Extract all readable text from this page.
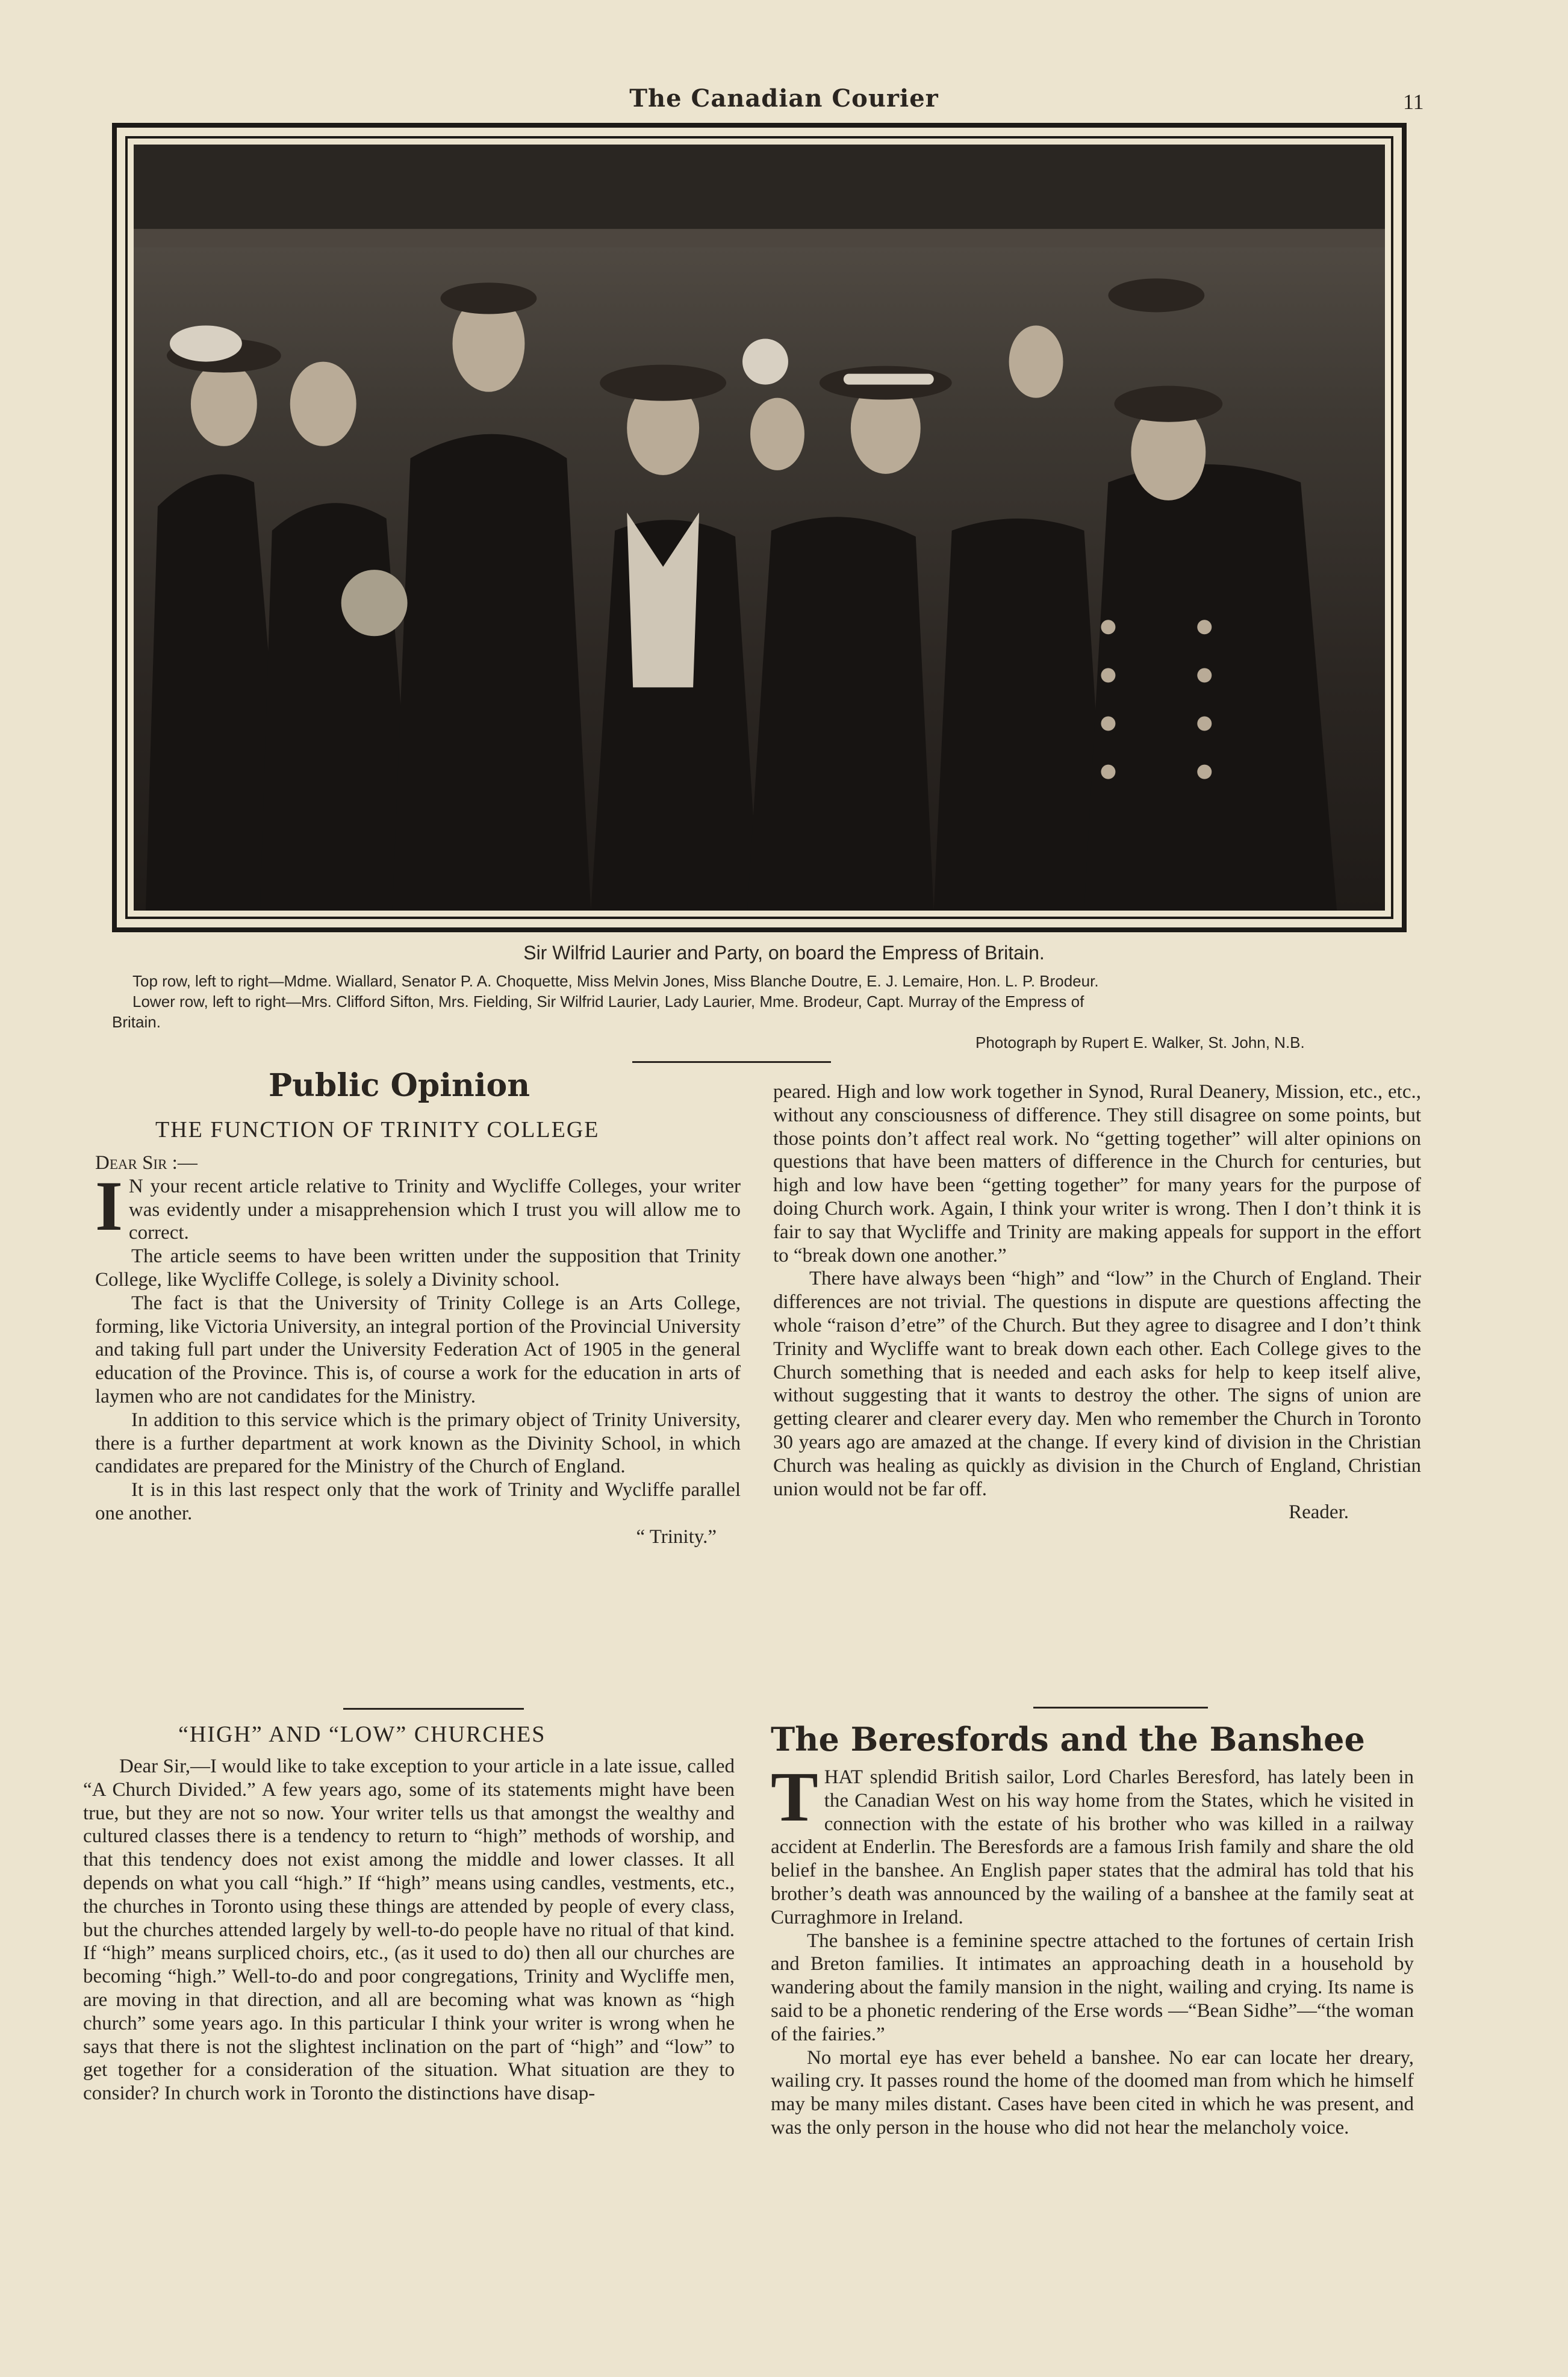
The Canadian Courier	11
Sir Wilfrid Laurier and Party, on board the Empress of Britain.
Top row, left to right—Mdme. Wiallard, Senator P. A. Choquette, Miss Melvin Jones, Miss Blanche Doutre, E. J. Lemaire, Hon. L. P. Brodeur.
Lower row, left to right—Mrs. Clifford Sifton, Mrs. Fielding, Sir Wilfrid Laurier, Lady Laurier, Mme. Brodeur, Capt. Murray of the Empress of
Britain.
Photograph by Rupert E. Walker, St. John, N.B.
Public Opinion
THE FUNCTION OF TRINITY COLLEGE

Dear Sir :—

I N your recent article relative to Trinity and Wycliffe Colleges, your writer was evidently under a misapprehension which I trust you will allow me to correct.

The article seems to have been written under the supposition that Trinity College, like Wycliffe College, is solely a Divinity school.

The fact is that the University of Trinity College is an Arts College, forming, like Victoria University, an integral portion of the Provincial University and taking full part under the University Federation Act of 1905 in the general education of the Province. This is, of course a work for the education in arts of laymen who are not candidates for the Ministry.

In addition to this service which is the primary object of Trinity University, there is a further department at work known as the Divinity School, in which candidates are prepared for the Ministry of the Church of England.

It is in this last respect only that the work of Trinity and Wycliffe parallel one another.

“ Trinity.”

“HIGH” AND “LOW” CHURCHES

Dear Sir,—I would like to take exception to your article in a late issue, called “A Church Divided.” A few years ago, some of its statements might have been true, but they are not so now. Your writer tells us that amongst the wealthy and cultured classes there is a tendency to return to “high” methods of worship, and that this tendency does not exist among the middle and lower classes. It all depends on what you call “high.” If “high” means using candles, vestments, etc., the churches in Toronto using these things are attended by people of every class, but the churches attended largely by well-to-do people have no ritual of that kind. If “high” means surpliced choirs, etc., (as it used to do) then all our churches are becoming “high.” Well-to-do and poor congregations, Trinity and Wycliffe men, are moving in that direction, and all are becoming what was known as “high church” some years ago. In this particular I think your writer is wrong when he says that there is not the slightest inclination on the part of “high” and “low” to get together for a consideration of the situation. What situation are they to consider? In church work in Toronto the distinctions have disap-

peared. High and low work together in Synod, Rural Deanery, Mission, etc., etc., without any consciousness of difference. They still disagree on some points, but those points don’t affect real work. No “getting together” will alter opinions on questions that have been matters of difference in the Church for centuries, but high and low have been “getting together” for many years for the purpose of doing Church work. Again, I think your writer is wrong. Then I don’t think it is fair to say that Wycliffe and Trinity are making appeals for support in the effort to “break down one another.”

There have always been “high” and “low” in the Church of England. Their differences are not trivial. The questions in dispute are questions affecting the whole “raison d’etre” of the Church. But they agree to disagree and I don’t think Trinity and Wycliffe want to break down each other. Each College gives to the Church something that is needed and each asks for help to keep itself alive, without suggesting that it wants to destroy the other. The signs of union are getting clearer and clearer every day. Men who remember the Church in Toronto 30 years ago are amazed at the change. If every kind of division in the Christian Church was healing as quickly as division in the Church of England, Christian union would not be far off.

Reader.

The Beresfords and the Banshee

THAT splendid British sailor, Lord Charles Beresford, has lately been in the Canadian West on his way home from the States, which he visited in connection with the estate of his brother who was killed in a railway accident at Enderlin. The Beresfords are a famous Irish family and share the old belief in the banshee. An English paper states that the admiral has told that his brother’s death was announced by the wailing of a banshee at the family seat at Curraghmore in Ireland.

The banshee is a feminine spectre attached to the fortunes of certain Irish and Breton families. It intimates an approaching death in a household by wandering about the family mansion in the night, wailing and crying. Its name is said to be a phonetic rendering of the Erse words —“Bean Sidhe”—“the woman of the fairies.”

No mortal eye has ever beheld a banshee. No ear can locate her dreary, wailing cry. It passes round the home of the doomed man from which he himself may be many miles distant. Cases have been cited in which he was present, and was the only person in the house who did not hear the melancholy voice.
